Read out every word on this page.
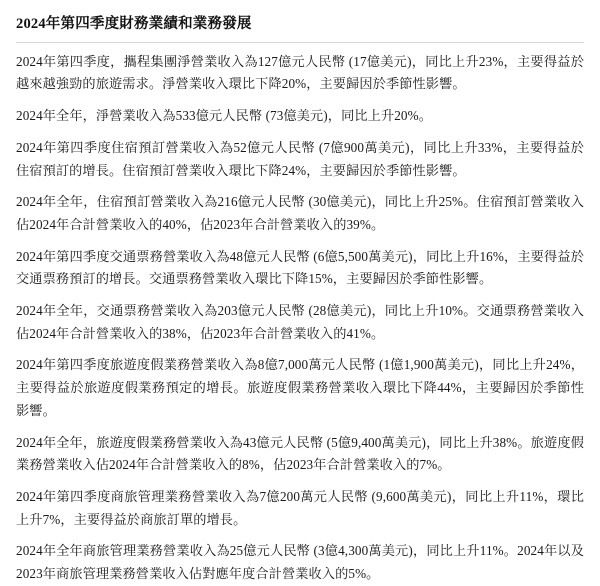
2024年第四季度財務業績和業務發展

2024年第四季度，攜程集團淨營業收入為127億元人民幣 (17億美元)，同比上升23%，主要得益於越來越強勁的旅遊需求。淨營業收入環比下降20%，主要歸因於季節性影響。

2024年全年，淨營業收入為533億元人民幣 (73億美元)，同比上升20%。

2024年第四季度住宿預訂營業收入為52億元人民幣 (7億900萬美元)，同比上升33%，主要得益於住宿預訂的增長。住宿預訂營業收入環比下降24%，主要歸因於季節性影響。

2024年全年，住宿預訂營業收入為216億元人民幣 (30億美元)，同比上升25%。住宿預訂營業收入佔2024年合計營業收入的40%，佔2023年合計營業收入的39%。

2024年第四季度交通票務營業收入為48億元人民幣 (6億5,500萬美元)，同比上升16%，主要得益於交通票務預訂的增長。交通票務營業收入環比下降15%，主要歸因於季節性影響。

2024年全年，交通票務營業收入為203億元人民幣 (28億美元)，同比上升10%。交通票務營業收入佔2024年合計營業收入的38%，佔2023年合計營業收入的41%。

2024年第四季度旅遊度假業務營業收入為8億7,000萬元人民幣 (1億1,900萬美元)，同比上升24%，主要得益於旅遊度假業務預定的增長。旅遊度假業務營業收入環比下降44%，主要歸因於季節性影響。

2024年全年，旅遊度假業務營業收入為43億元人民幣 (5億9,400萬美元)，同比上升38%。旅遊度假業務營業收入佔2024年合計營業收入的8%，佔2023年合計營業收入的7%。

2024年第四季度商旅管理業務營業收入為7億200萬元人民幣 (9,600萬美元)，同比上升11%，環比上升7%，主要得益於商旅訂單的增長。

2024年全年商旅管理業務營業收入為25億元人民幣 (3億4,300萬美元)，同比上升11%。2024年以及2023年商旅管理業務營業收入佔對應年度合計營業收入的5%。
